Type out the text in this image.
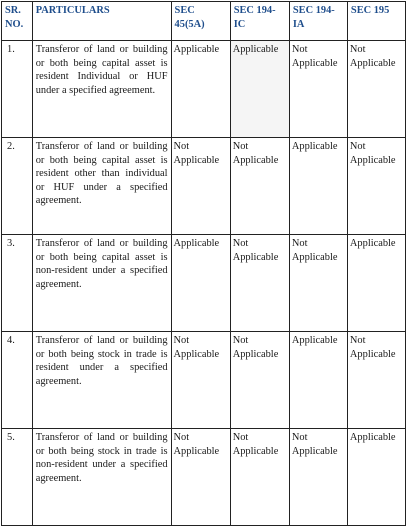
SR. NO.	PARTICULARS	SEC 45(5A)	SEC 194-IC	SEC 194-IA	SEC 195
1.	Transferor of land or building or both being capital asset is resident Individual or HUF under a specified agreement.	Applicable	Applicable	Not Applicable	Not Applicable
2.	Transferor of land or building or both being capital asset is resident other than individual or HUF under a specified agreement.	Not Applicable	Not Applicable	Applicable	Not Applicable
3.	Transferor of land or building or both being capital asset is non-resident under a specified agreement.	Applicable	Not Applicable	Not Applicable	Applicable
4.	Transferor of land or building or both being stock in trade is resident under a specified agreement.	Not Applicable	Not Applicable	Applicable	Not Applicable
5.	Transferor of land or building or both being stock in trade is non-resident under a specified agreement.	Not Applicable	Not Applicable	Not Applicable	Applicable
